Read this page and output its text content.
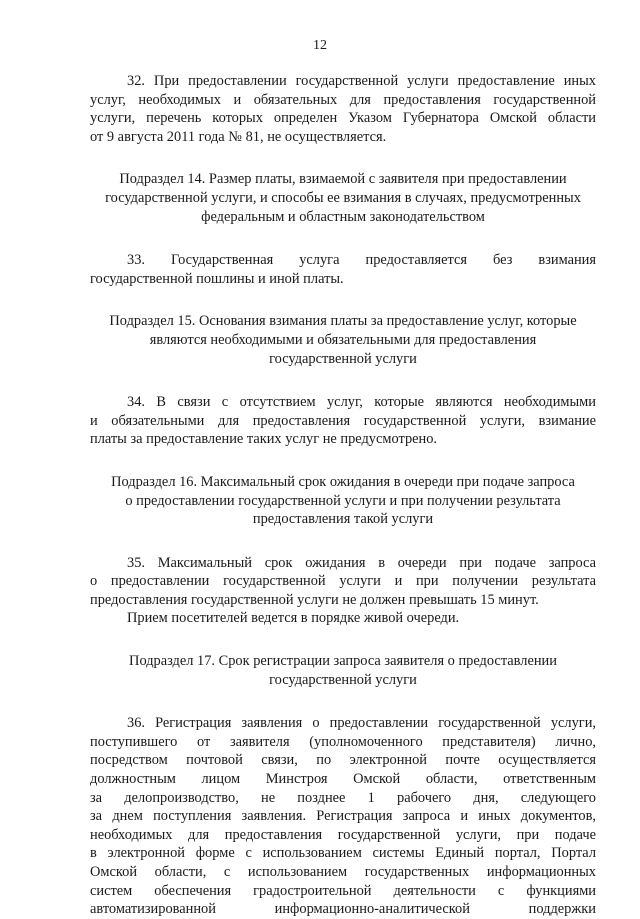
12
32. При предоставлении государственной услуги предоставление иных
услуг, необходимых и обязательных для предоставления государственной
услуги, перечень которых определен Указом Губернатора Омской области
от 9 августа 2011 года № 81, не осуществляется.
Подраздел 14. Размер платы, взимаемой с заявителя при предоставлении
государственной услуги, и способы ее взимания в случаях, предусмотренных
федеральным и областным законодательством
33. Государственная услуга предоставляется без взимания
государственной пошлины и иной платы.
Подраздел 15. Основания взимания платы за предоставление услуг, которые
являются необходимыми и обязательными для предоставления
государственной услуги
34. В связи с отсутствием услуг, которые являются необходимыми
и обязательными для предоставления государственной услуги, взимание
платы за предоставление таких услуг не предусмотрено.
Подраздел 16. Максимальный срок ожидания в очереди при подаче запроса
о предоставлении государственной услуги и при получении результата
предоставления такой услуги
35. Максимальный срок ожидания в очереди при подаче запроса
о предоставлении государственной услуги и при получении результата
предоставления государственной услуги не должен превышать 15 минут.
Прием посетителей ведется в порядке живой очереди.
Подраздел 17. Срок регистрации запроса заявителя о предоставлении
государственной услуги
36. Регистрация заявления о предоставлении государственной услуги,
поступившего от заявителя (уполномоченного представителя) лично,
посредством почтовой связи, по электронной почте осуществляется
должностным лицом Минстроя Омской области, ответственным
за делопроизводство, не позднее 1 рабочего дня, следующего
за днем поступления заявления. Регистрация запроса и иных документов,
необходимых для предоставления государственной услуги, при подаче
в электронной форме с использованием системы Единый портал, Портал
Омской области, с использованием государственных информационных
систем обеспечения градостроительной деятельности с функциями
автоматизированной информационно-аналитической поддержки
